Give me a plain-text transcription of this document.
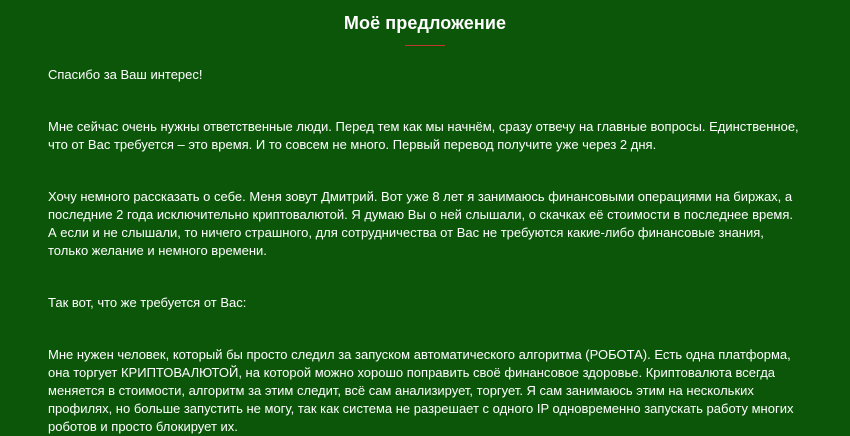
Моё предложение

Спасибо за Ваш интерес!

Мне сейчас очень нужны ответственные люди. Перед тем как мы начнём, сразу отвечу на главные вопросы. Единственное, что от Вас требуется – это время. И то совсем не много. Первый перевод получите уже через 2 дня.

Хочу немного рассказать о себе. Меня зовут Дмитрий. Вот уже 8 лет я занимаюсь финансовыми операциями на биржах, а последние 2 года исключительно криптовалютой. Я думаю Вы о ней слышали, о скачках её стоимости в последнее время. А если и не слышали, то ничего страшного, для сотрудничества от Вас не требуются какие-либо финансовые знания, только желание и немного времени.

Так вот, что же требуется от Вас:

Мне нужен человек, который бы просто следил за запуском автоматического алгоритма (РОБОТА). Есть одна платформа, она торгует КРИПТОВАЛЮТОЙ, на которой можно хорошо поправить своё финансовое здоровье. Криптовалюта всегда меняется в стоимости, алгоритм за этим следит, всё сам анализирует, торгует. Я сам занимаюсь этим на нескольких профилях, но больше запустить не могу, так как система не разрешает с одного IP одновременно запускать работу многих роботов и просто блокирует их.
